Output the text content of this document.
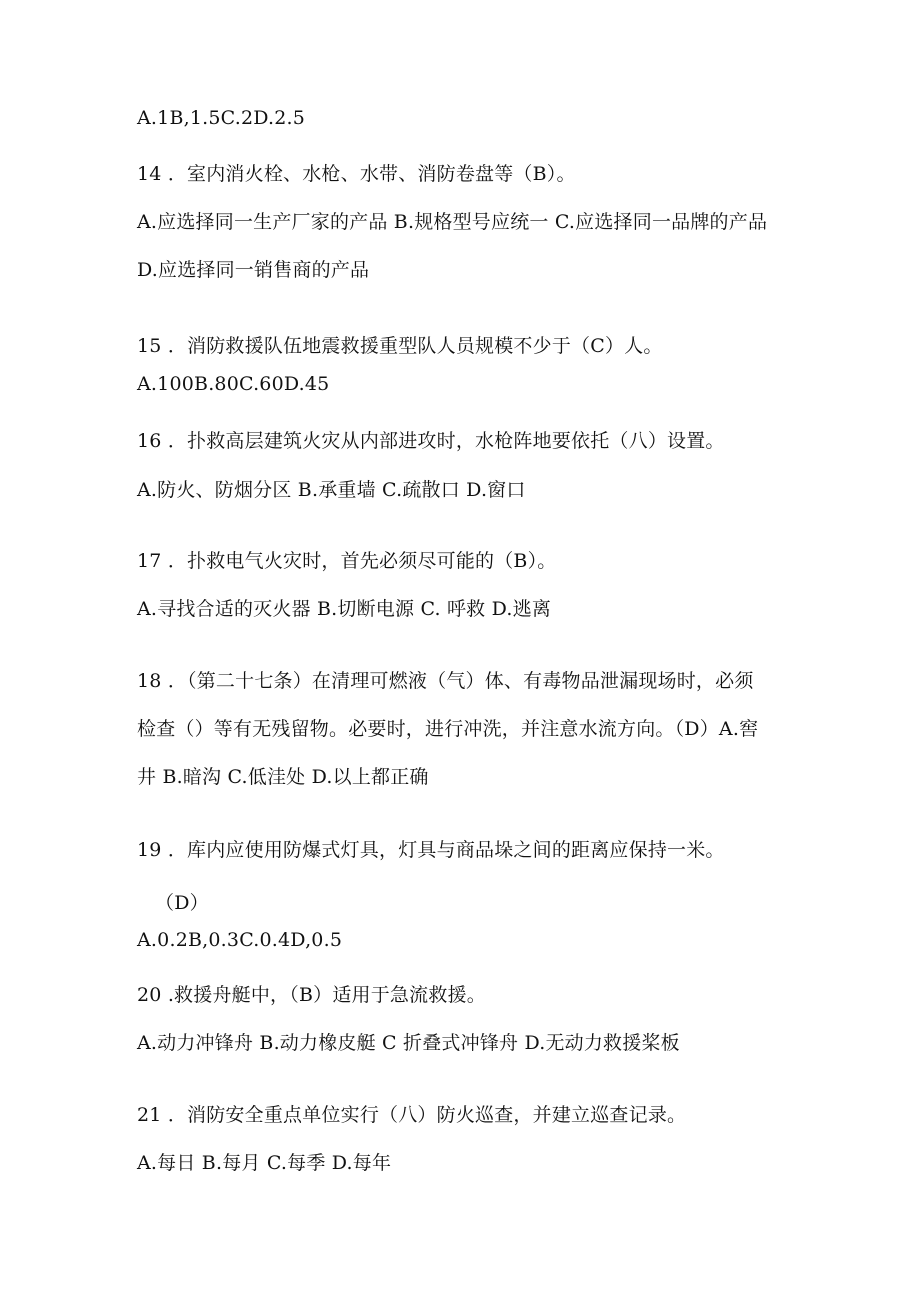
A.1B,1.5C.2D.2.5
14 ．室内消火栓、水枪、水带、消防卷盘等（B）。
A.应选择同一生产厂家的产品 B.规格型号应统一 C.应选择同一品牌的产品
D.应选择同一销售商的产品
15 ．消防救援队伍地震救援重型队人员规模不少于（C）人。
A.100B.80C.60D.45
16 ．扑救高层建筑火灾从内部进攻时，水枪阵地要依托（八）设置。
A.防火、防烟分区 B.承重墙 C.疏散口 D.窗口
17 ．扑救电气火灾时，首先必须尽可能的（B）。
A.寻找合适的灭火器 B.切断电源 C. 呼救 D.逃离
18 ．（第二十七条）在清理可燃液（气）体、有毒物品泄漏现场时，必须
检查（）等有无残留物。必要时，进行冲洗，并注意水流方向。（D）A.窖
井 B.暗沟 C.低洼处 D.以上都正确
19 ．库内应使用防爆式灯具，灯具与商品垛之间的距离应保持一米。
（D）
A.0.2B,0.3C.0.4D,0.5
20 .救援舟艇中，（B）适用于急流救援。
A.动力冲锋舟 B.动力橡皮艇 C 折叠式冲锋舟 D.无动力救援桨板
21 ．消防安全重点单位实行（八）防火巡查，并建立巡查记录。
A.每日 B.每月 C.每季 D.每年
